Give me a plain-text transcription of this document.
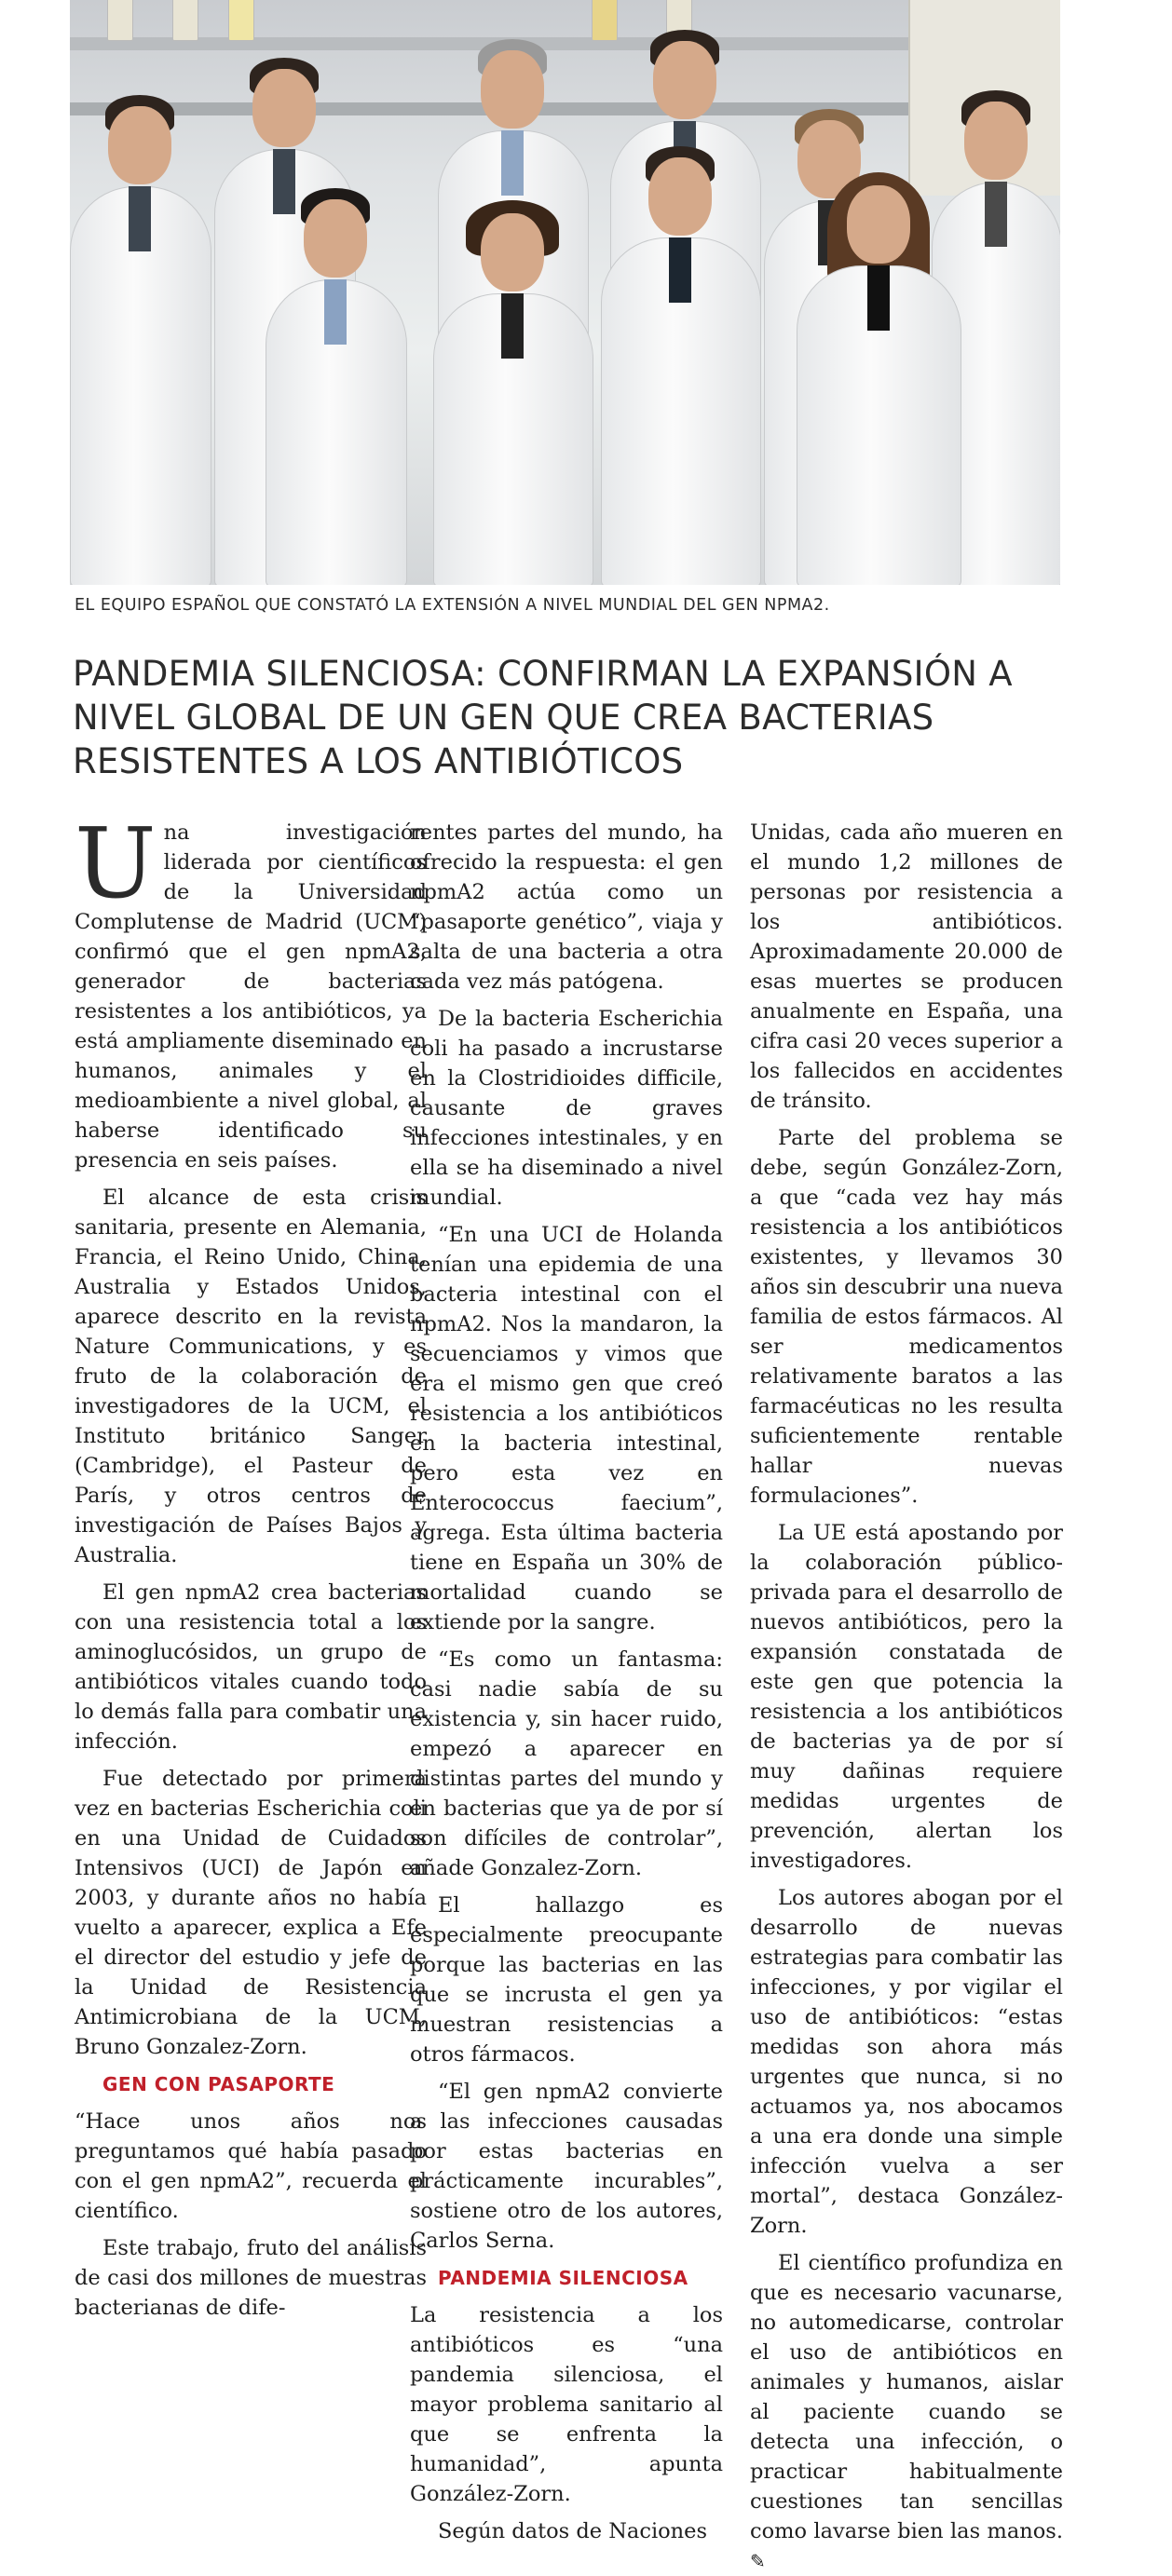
EL EQUIPO ESPAÑOL QUE CONSTATÓ LA EXTENSIÓN A NIVEL MUNDIAL DEL GEN NPMA2.
PANDEMIA SILENCIOSA: CONFIRMAN LA EXPANSIÓN A NIVEL GLOBAL DE UN GEN QUE CREA BACTERIAS RESISTENTES A LOS ANTIBIÓTICOS

Una investigación liderada por científicos de la Universidad Complutense de Madrid (UCM) confirmó que el gen npmA2, generador de bacterias resistentes a los antibióticos, ya está ampliamente diseminado en humanos, animales y el medioambiente a nivel global, al haberse identificado su presencia en seis países.

El alcance de esta crisis sanitaria, presente en Alemania, Francia, el Reino Unido, China, Australia y Estados Unidos, aparece descrito en la revista Nature Communications, y es fruto de la colaboración de investigadores de la UCM, el Instituto británico Sanger (Cambridge), el Pasteur de París, y otros centros de investigación de Países Bajos y Australia.

El gen npmA2 crea bacterias con una resistencia total a los aminoglucósidos, un grupo de antibióticos vitales cuando todo lo demás falla para combatir una infección.

Fue detectado por primera vez en bacterias Escherichia coli en una Unidad de Cuidados Intensivos (UCI) de Japón en 2003, y durante años no había vuelto a aparecer, explica a Efe el director del estudio y jefe de la Unidad de Resistencia Antimicrobiana de la UCM, Bruno Gonzalez-Zorn.

GEN CON PASAPORTE

“Hace unos años nos preguntamos qué había pasado con el gen npmA2”, recuerda el científico.

Este trabajo, fruto del análisis de casi dos millones de muestras bacterianas de dife-

rentes partes del mundo, ha ofrecido la respuesta: el gen npmA2 actúa como un “pasaporte genético”, viaja y salta de una bacteria a otra cada vez más patógena.

De la bacteria Escherichia coli ha pasado a incrustarse en la Clostridioides difficile, causante de graves infecciones intestinales, y en ella se ha diseminado a nivel mundial.

“En una UCI de Holanda tenían una epidemia de una bacteria intestinal con el npmA2. Nos la mandaron, la secuenciamos y vimos que era el mismo gen que creó resistencia a los antibióticos en la bacteria intestinal, pero esta vez en Enterococcus faecium”, agrega. Esta última bacteria tiene en España un 30% de mortalidad cuando se extiende por la sangre.

“Es como un fantasma: casi nadie sabía de su existencia y, sin hacer ruido, empezó a aparecer en distintas partes del mundo y en bacterias que ya de por sí son difíciles de controlar”, añade Gonzalez-Zorn.

El hallazgo es especialmente preocupante porque las bacterias en las que se incrusta el gen ya muestran resistencias a otros fármacos.

“El gen npmA2 convierte a las infecciones causadas por estas bacterias en prácticamente incurables”, sostiene otro de los autores, Carlos Serna.

PANDEMIA SILENCIOSA

La resistencia a los antibióticos es “una pandemia silenciosa, el mayor problema sanitario al que se enfrenta la humanidad”, apunta González-Zorn.

Según datos de Naciones

Unidas, cada año mueren en el mundo 1,2 millones de personas por resistencia a los antibióticos. Aproximadamente 20.000 de esas muertes se producen anualmente en España, una cifra casi 20 veces superior a los fallecidos en accidentes de tránsito.

Parte del problema se debe, según González-Zorn, a que “cada vez hay más resistencia a los antibióticos existentes, y llevamos 30 años sin descubrir una nueva familia de estos fármacos. Al ser medicamentos relativamente baratos a las farmacéuticas no les resulta suficientemente rentable hallar nuevas formulaciones”.

La UE está apostando por la colaboración público-privada para el desarrollo de nuevos antibióticos, pero la expansión constatada de este gen que potencia la resistencia a los antibióticos de bacterias ya de por sí muy dañinas requiere medidas urgentes de prevención, alertan los investigadores.

Los autores abogan por el desarrollo de nuevas estrategias para combatir las infecciones, y por vigilar el uso de antibióticos: “estas medidas son ahora más urgentes que nunca, si no actuamos ya, nos abocamos a una era donde una simple infección vuelva a ser mortal”, destaca González-Zorn.

El científico profundiza en que es necesario vacunarse, no automedicarse, controlar el uso de antibióticos en animales y humanos, aislar al paciente cuando se detecta una infección, o practicar habitualmente cuestiones tan sencillas como lavarse bien las manos. ✎
